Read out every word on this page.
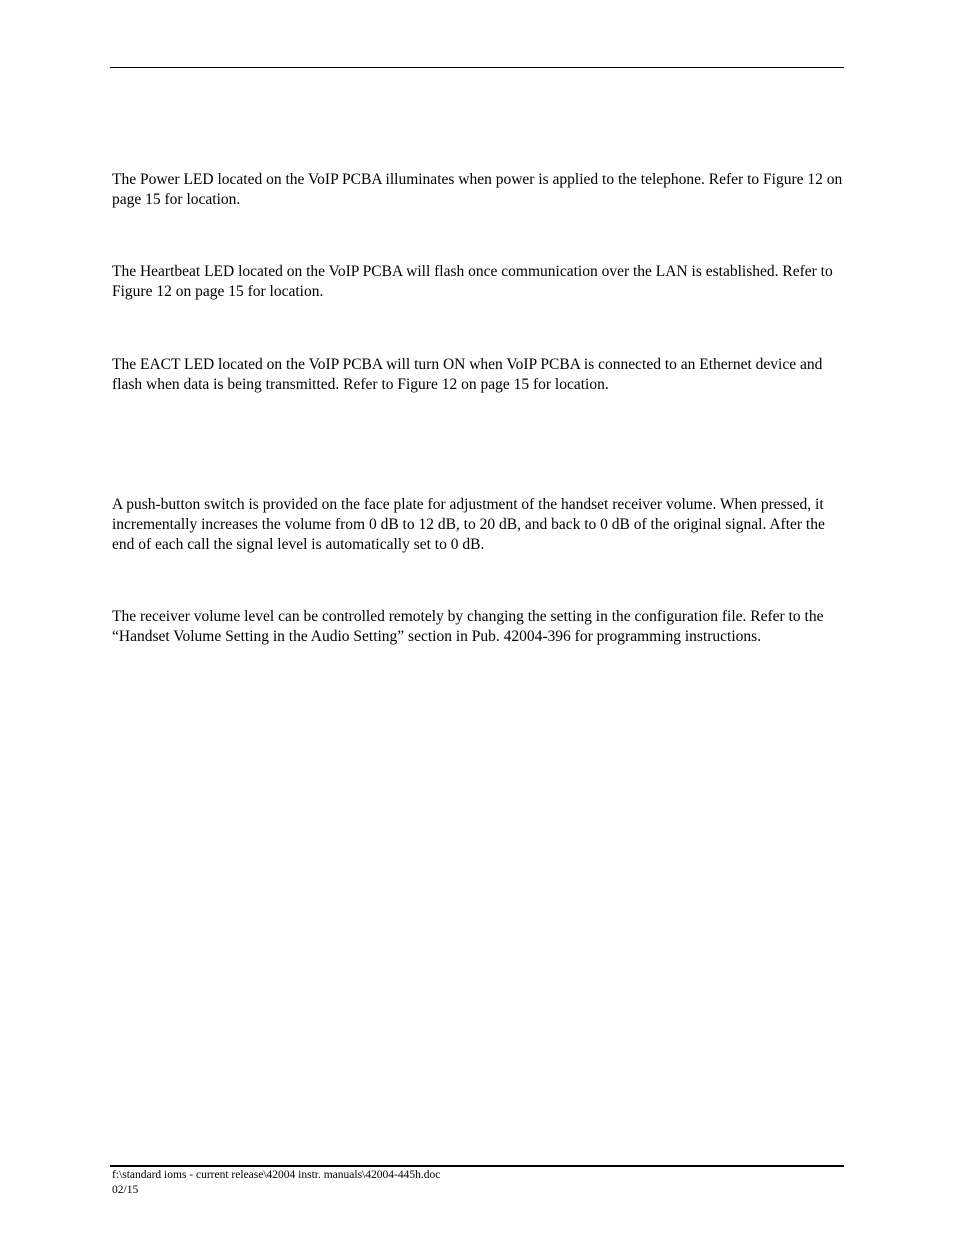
The Power LED located on the VoIP PCBA illuminates when power is applied to the telephone. Refer to Figure 12 on page 15 for location.

The Heartbeat LED located on the VoIP PCBA will flash once communication over the LAN is established. Refer to Figure 12 on page 15 for location.

The EACT LED located on the VoIP PCBA will turn ON when VoIP PCBA is connected to an Ethernet device and flash when data is being transmitted. Refer to Figure 12 on page 15 for location.

A push-button switch is provided on the face plate for adjustment of the handset receiver volume. When pressed, it incrementally increases the volume from 0 dB to 12 dB, to 20 dB, and back to 0 dB of the original signal. After the end of each call the signal level is automatically set to 0 dB.

The receiver volume level can be controlled remotely by changing the setting in the configuration file. Refer to the “Handset Volume Setting in the Audio Setting” section in Pub. 42004-396 for programming instructions.

f:\standard ioms - current release\42004 instr. manuals\42004-445h.doc
02/15
